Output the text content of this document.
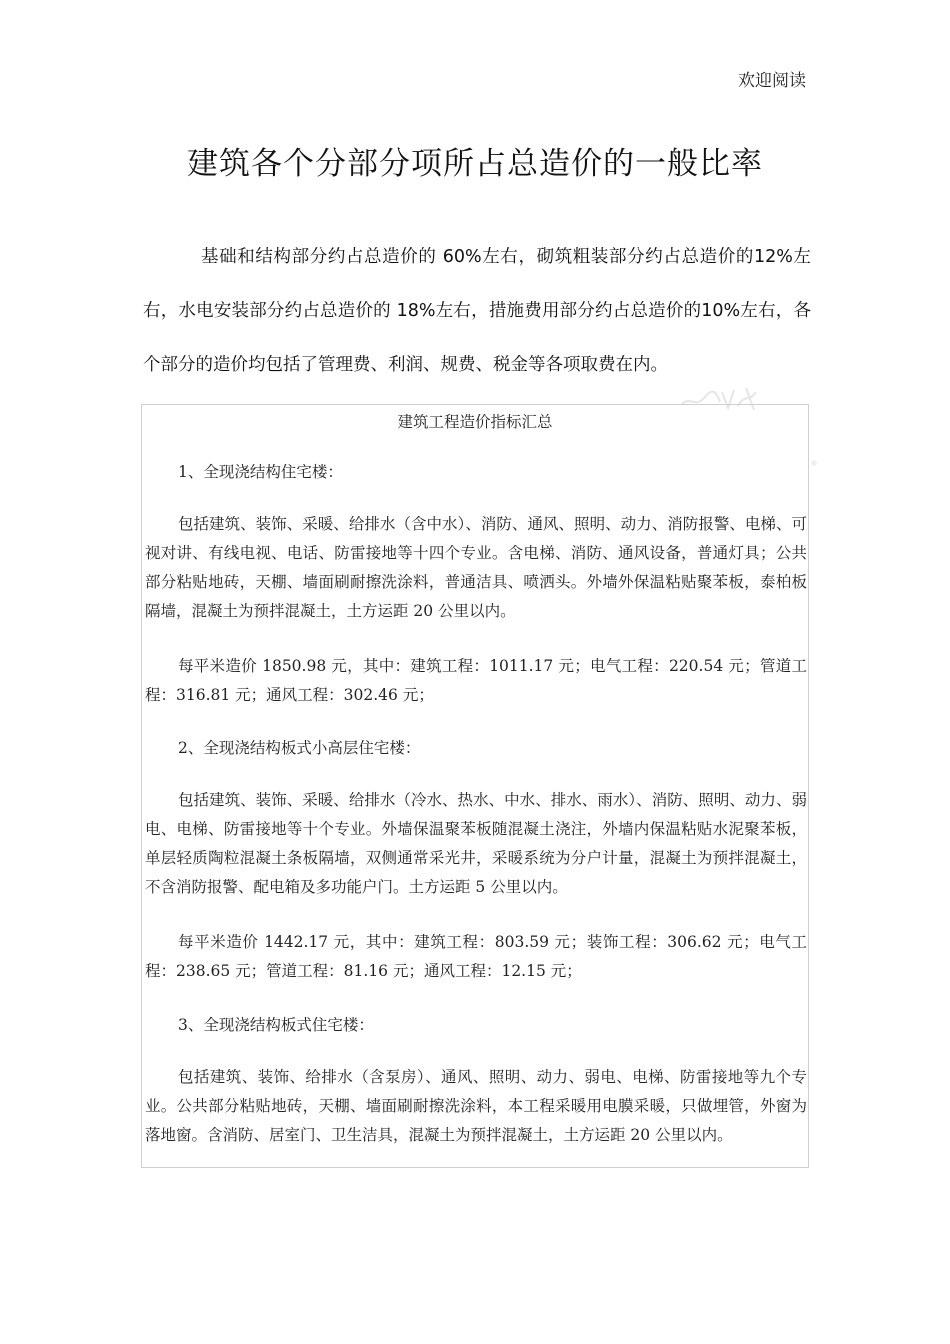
欢迎阅读
建筑各个分部分项所占总造价的一般比率
基础和结构部分约占总造价的 60%左右，砌筑粗装部分约占总造价的12%左右，水电安装部分约占总造价的 18%左右，措施费用部分约占总造价的10%左右，各个部分的造价均包括了管理费、利润、规费、税金等各项取费在内。
建筑工程造价指标汇总
1、全现浇结构住宅楼：
包括建筑、装饰、采暖、给排水（含中水）、消防、通风、照明、动力、消防报警、电梯、可视对讲、有线电视、电话、防雷接地等十四个专业。含电梯、消防、通风设备，普通灯具；公共部分粘贴地砖，天棚、墙面刷耐擦洗涂料，普通洁具、喷洒头。外墙外保温粘贴聚苯板，泰柏板隔墙，混凝土为预拌混凝土，土方运距 20 公里以内。
每平米造价 1850.98 元，其中：建筑工程：1011.17 元；电气工程：220.54 元；管道工程：316.81 元；通风工程：302.46 元；
2、全现浇结构板式小高层住宅楼：
包括建筑、装饰、采暖、给排水（冷水、热水、中水、排水、雨水）、消防、照明、动力、弱电、电梯、防雷接地等十个专业。外墙保温聚苯板随混凝土浇注，外墙内保温粘贴水泥聚苯板，单层轻质陶粒混凝土条板隔墙，双侧通常采光井，采暖系统为分户计量，混凝土为预拌混凝土，不含消防报警、配电箱及多功能户门。土方运距 5 公里以内。
每平米造价 1442.17 元，其中：建筑工程：803.59 元；装饰工程：306.62 元；电气工程：238.65 元；管道工程：81.16 元；通风工程：12.15 元；
3、全现浇结构板式住宅楼：
包括建筑、装饰、给排水（含泵房）、通风、照明、动力、弱电、电梯、防雷接地等九个专业。公共部分粘贴地砖，天棚、墙面刷耐擦洗涂料，本工程采暖用电膜采暖，只做埋管，外窗为落地窗。含消防、居室门、卫生洁具，混凝土为预拌混凝土，土方运距 20 公里以内。
